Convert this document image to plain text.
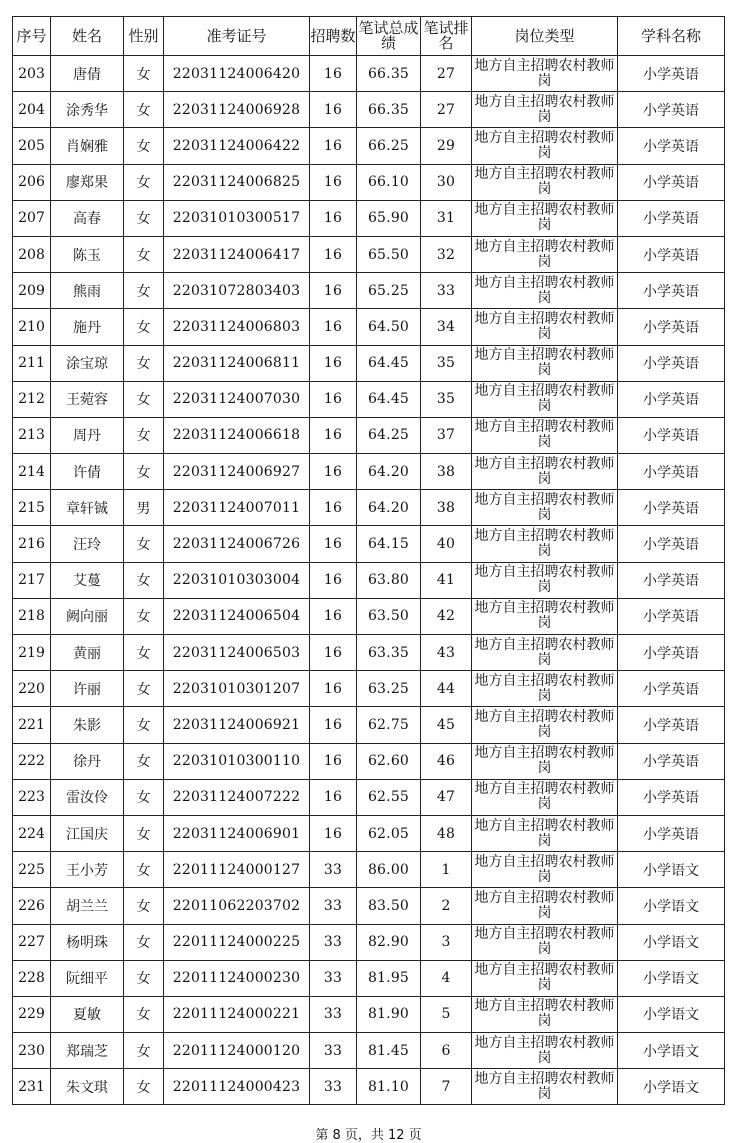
序号	姓名	性别	准考证号	招聘数	笔试总成绩	笔试排名	岗位类型	学科名称
203	唐倩	女	22031124006420	16	66.35	27	地方自主招聘农村教师岗	小学英语
204	涂秀华	女	22031124006928	16	66.35	27	地方自主招聘农村教师岗	小学英语
205	肖娴雅	女	22031124006422	16	66.25	29	地方自主招聘农村教师岗	小学英语
206	廖郑果	女	22031124006825	16	66.10	30	地方自主招聘农村教师岗	小学英语
207	高春	女	22031010300517	16	65.90	31	地方自主招聘农村教师岗	小学英语
208	陈玉	女	22031124006417	16	65.50	32	地方自主招聘农村教师岗	小学英语
209	熊雨	女	22031072803403	16	65.25	33	地方自主招聘农村教师岗	小学英语
210	施丹	女	22031124006803	16	64.50	34	地方自主招聘农村教师岗	小学英语
211	涂宝琼	女	22031124006811	16	64.45	35	地方自主招聘农村教师岗	小学英语
212	王菀容	女	22031124007030	16	64.45	35	地方自主招聘农村教师岗	小学英语
213	周丹	女	22031124006618	16	64.25	37	地方自主招聘农村教师岗	小学英语
214	许倩	女	22031124006927	16	64.20	38	地方自主招聘农村教师岗	小学英语
215	章轩铖	男	22031124007011	16	64.20	38	地方自主招聘农村教师岗	小学英语
216	汪玲	女	22031124006726	16	64.15	40	地方自主招聘农村教师岗	小学英语
217	艾蔓	女	22031010303004	16	63.80	41	地方自主招聘农村教师岗	小学英语
218	阙向丽	女	22031124006504	16	63.50	42	地方自主招聘农村教师岗	小学英语
219	黄丽	女	22031124006503	16	63.35	43	地方自主招聘农村教师岗	小学英语
220	许丽	女	22031010301207	16	63.25	44	地方自主招聘农村教师岗	小学英语
221	朱影	女	22031124006921	16	62.75	45	地方自主招聘农村教师岗	小学英语
222	徐丹	女	22031010300110	16	62.60	46	地方自主招聘农村教师岗	小学英语
223	雷汝伶	女	22031124007222	16	62.55	47	地方自主招聘农村教师岗	小学英语
224	江国庆	女	22031124006901	16	62.05	48	地方自主招聘农村教师岗	小学英语
225	王小芳	女	22011124000127	33	86.00	1	地方自主招聘农村教师岗	小学语文
226	胡兰兰	女	22011062203702	33	83.50	2	地方自主招聘农村教师岗	小学语文
227	杨明珠	女	22011124000225	33	82.90	3	地方自主招聘农村教师岗	小学语文
228	阮细平	女	22011124000230	33	81.95	4	地方自主招聘农村教师岗	小学语文
229	夏敏	女	22011124000221	33	81.90	5	地方自主招聘农村教师岗	小学语文
230	郑瑞芝	女	22011124000120	33	81.45	6	地方自主招聘农村教师岗	小学语文
231	朱文琪	女	22011124000423	33	81.10	7	地方自主招聘农村教师岗	小学语文
第 8 页，共 12 页
